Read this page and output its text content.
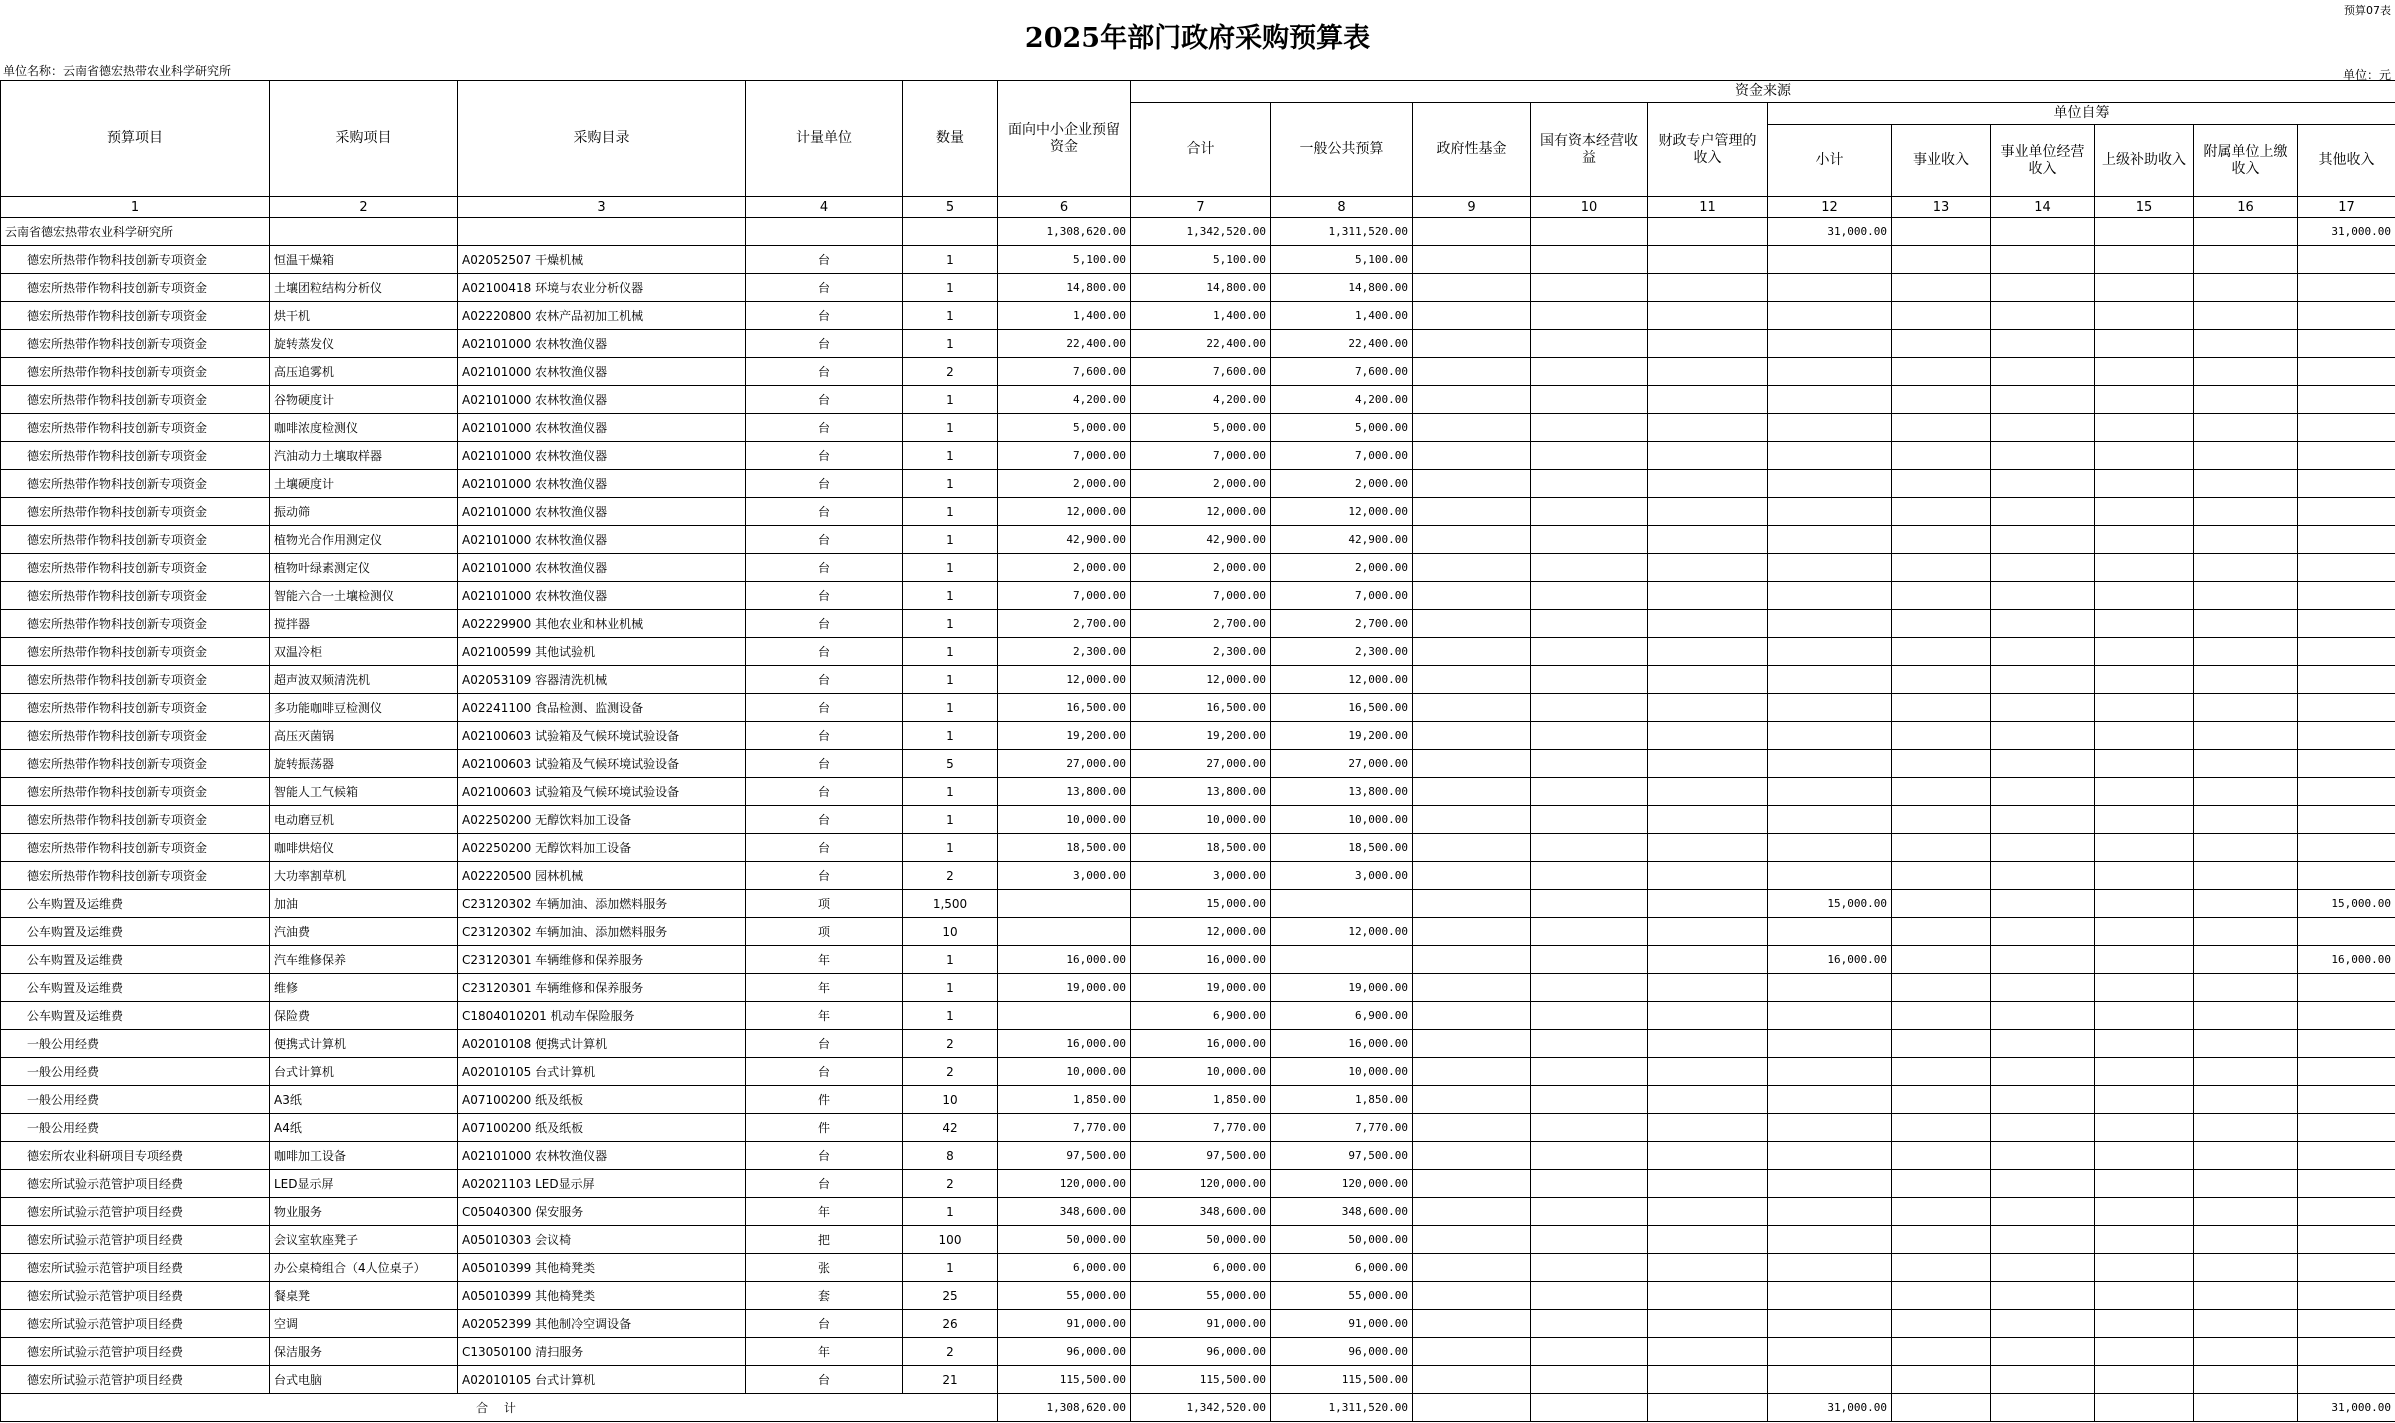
预算07表
2025年部门政府采购预算表
单位名称：云南省德宏热带农业科学研究所	单位：元
预算项目	采购项目	采购目录	计量单位	数量	面向中小企业预留资金	资金来源										
						合计	一般公共预算	政府性基金	国有资本经营收益	财政专户管理的收入	单位自筹					
											小计	事业收入	事业单位经营收入	上级补助收入	附属单位上缴收入	其他收入
1	2	3	4	5	6	7	8	9	10	11	12	13	14	15	16	17
云南省德宏热带农业科学研究所					1,308,620.00	1,342,520.00	1,311,520.00				31,000.00					31,000.00
德宏所热带作物科技创新专项资金	恒温干燥箱	A02052507 干燥机械	台	1	5,100.00	5,100.00	5,100.00									
德宏所热带作物科技创新专项资金	土壤团粒结构分析仪	A02100418 环境与农业分析仪器	台	1	14,800.00	14,800.00	14,800.00									
德宏所热带作物科技创新专项资金	烘干机	A02220800 农林产品初加工机械	台	1	1,400.00	1,400.00	1,400.00									
德宏所热带作物科技创新专项资金	旋转蒸发仪	A02101000 农林牧渔仪器	台	1	22,400.00	22,400.00	22,400.00									
德宏所热带作物科技创新专项资金	高压追雾机	A02101000 农林牧渔仪器	台	2	7,600.00	7,600.00	7,600.00									
德宏所热带作物科技创新专项资金	谷物硬度计	A02101000 农林牧渔仪器	台	1	4,200.00	4,200.00	4,200.00									
德宏所热带作物科技创新专项资金	咖啡浓度检测仪	A02101000 农林牧渔仪器	台	1	5,000.00	5,000.00	5,000.00									
德宏所热带作物科技创新专项资金	汽油动力土壤取样器	A02101000 农林牧渔仪器	台	1	7,000.00	7,000.00	7,000.00									
德宏所热带作物科技创新专项资金	土壤硬度计	A02101000 农林牧渔仪器	台	1	2,000.00	2,000.00	2,000.00									
德宏所热带作物科技创新专项资金	振动筛	A02101000 农林牧渔仪器	台	1	12,000.00	12,000.00	12,000.00									
德宏所热带作物科技创新专项资金	植物光合作用测定仪	A02101000 农林牧渔仪器	台	1	42,900.00	42,900.00	42,900.00									
德宏所热带作物科技创新专项资金	植物叶绿素测定仪	A02101000 农林牧渔仪器	台	1	2,000.00	2,000.00	2,000.00									
德宏所热带作物科技创新专项资金	智能六合一土壤检测仪	A02101000 农林牧渔仪器	台	1	7,000.00	7,000.00	7,000.00									
德宏所热带作物科技创新专项资金	搅拌器	A02229900 其他农业和林业机械	台	1	2,700.00	2,700.00	2,700.00									
德宏所热带作物科技创新专项资金	双温冷柜	A02100599 其他试验机	台	1	2,300.00	2,300.00	2,300.00									
德宏所热带作物科技创新专项资金	超声波双频清洗机	A02053109 容器清洗机械	台	1	12,000.00	12,000.00	12,000.00									
德宏所热带作物科技创新专项资金	多功能咖啡豆检测仪	A02241100 食品检测、监测设备	台	1	16,500.00	16,500.00	16,500.00									
德宏所热带作物科技创新专项资金	高压灭菌锅	A02100603 试验箱及气候环境试验设备	台	1	19,200.00	19,200.00	19,200.00									
德宏所热带作物科技创新专项资金	旋转振荡器	A02100603 试验箱及气候环境试验设备	台	5	27,000.00	27,000.00	27,000.00									
德宏所热带作物科技创新专项资金	智能人工气候箱	A02100603 试验箱及气候环境试验设备	台	1	13,800.00	13,800.00	13,800.00									
德宏所热带作物科技创新专项资金	电动磨豆机	A02250200 无醇饮料加工设备	台	1	10,000.00	10,000.00	10,000.00									
德宏所热带作物科技创新专项资金	咖啡烘焙仪	A02250200 无醇饮料加工设备	台	1	18,500.00	18,500.00	18,500.00									
德宏所热带作物科技创新专项资金	大功率割草机	A02220500 园林机械	台	2	3,000.00	3,000.00	3,000.00									
公车购置及运维费	加油	C23120302 车辆加油、添加燃料服务	项	1,500		15,000.00					15,000.00					15,000.00
公车购置及运维费	汽油费	C23120302 车辆加油、添加燃料服务	项	10		12,000.00	12,000.00									
公车购置及运维费	汽车维修保养	C23120301 车辆维修和保养服务	年	1	16,000.00	16,000.00					16,000.00					16,000.00
公车购置及运维费	维修	C23120301 车辆维修和保养服务	年	1	19,000.00	19,000.00	19,000.00									
公车购置及运维费	保险费	C1804010201 机动车保险服务	年	1		6,900.00	6,900.00									
一般公用经费	便携式计算机	A02010108 便携式计算机	台	2	16,000.00	16,000.00	16,000.00									
一般公用经费	台式计算机	A02010105 台式计算机	台	2	10,000.00	10,000.00	10,000.00									
一般公用经费	A3纸	A07100200 纸及纸板	件	10	1,850.00	1,850.00	1,850.00									
一般公用经费	A4纸	A07100200 纸及纸板	件	42	7,770.00	7,770.00	7,770.00									
德宏所农业科研项目专项经费	咖啡加工设备	A02101000 农林牧渔仪器	台	8	97,500.00	97,500.00	97,500.00									
德宏所试验示范管护项目经费	LED显示屏	A02021103 LED显示屏	台	2	120,000.00	120,000.00	120,000.00									
德宏所试验示范管护项目经费	物业服务	C05040300 保安服务	年	1	348,600.00	348,600.00	348,600.00									
德宏所试验示范管护项目经费	会议室软座凳子	A05010303 会议椅	把	100	50,000.00	50,000.00	50,000.00									
德宏所试验示范管护项目经费	办公桌椅组合（4人位桌子）	A05010399 其他椅凳类	张	1	6,000.00	6,000.00	6,000.00									
德宏所试验示范管护项目经费	餐桌凳	A05010399 其他椅凳类	套	25	55,000.00	55,000.00	55,000.00									
德宏所试验示范管护项目经费	空调	A02052399 其他制冷空调设备	台	26	91,000.00	91,000.00	91,000.00									
德宏所试验示范管护项目经费	保洁服务	C13050100 清扫服务	年	2	96,000.00	96,000.00	96,000.00									
德宏所试验示范管护项目经费	台式电脑	A02010105 台式计算机	台	21	115,500.00	115,500.00	115,500.00									
合 计					1,308,620.00	1,342,520.00	1,311,520.00				31,000.00					31,000.00
